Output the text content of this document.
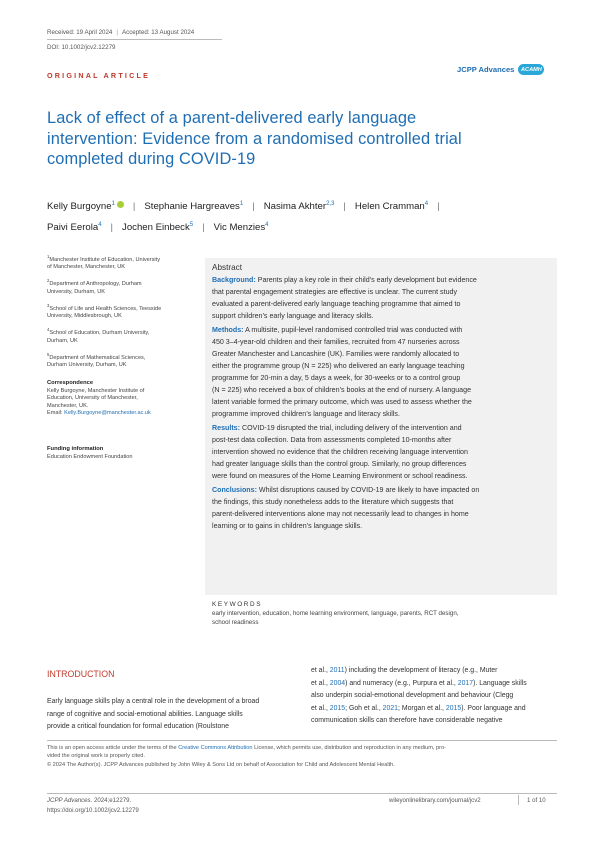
Received: 19 April 2024 | Accepted: 13 August 2024
DOI: 10.1002/jcv2.12279
ORIGINAL ARTICLE
JCPP Advances	ACAMH
Lack of effect of a parent-delivered early language
intervention: Evidence from a randomised controlled trial
completed during COVID-19
Kelly Burgoyne$^1$ | Stephanie Hargreaves$^1$ | Nasima Akhter$^{2,3}$ | Helen Cramman$^4$ |
Paivi Eerola$^4$ | Jochen Einbeck$^5$ | Vic Menzies$^4$
$^1$Manchester Institute of Education, University
of Manchester, Manchester, UK
$^2$Department of Anthropology, Durham
University, Durham, UK
$^3$School of Life and Health Sciences, Teesside
University, Middlesbrough, UK
$^4$School of Education, Durham University,
Durham, UK
$^5$Department of Mathematical Sciences,
Durham University, Durham, UK
Correspondence
Kelly Burgoyne, Manchester Institute of
Education, University of Manchester,
Manchester, UK.
Email: Kelly.Burgoyne@manchester.ac.uk
Funding information
Education Endowment Foundation
Abstract
Background: Parents play a key role in their child’s early development but evidence
that parental engagement strategies are effective is unclear. The current study
evaluated a parent-delivered early language teaching programme that aimed to
support children’s early language and literacy skills.
Methods: A multisite, pupil-level randomised controlled trial was conducted with
450 3–4-year-old children and their families, recruited from 47 nurseries across
Greater Manchester and Lancashire (UK). Families were randomly allocated to
either the programme group (N = 225) who delivered an early language teaching
programme for 20-min a day, 5 days a week, for 30-weeks or to a control group
(N = 225) who received a box of children’s books at the end of nursery. A language
latent variable formed the primary outcome, which was used to assess whether the
programme improved children’s language and literacy skills.
Results: COVID-19 disrupted the trial, including delivery of the intervention and
post-test data collection. Data from assessments completed 10-months after
intervention showed no evidence that the children receiving language intervention
had greater language skills than the control group. Similarly, no group differences
were found on measures of the Home Learning Environment or school readiness.
Conclusions: Whilst disruptions caused by COVID-19 are likely to have impacted on
the findings, this study nonetheless adds to the literature which suggests that
parent-delivered interventions alone may not necessarily lead to changes in home
learning or to gains in children’s language skills.
KEYWORDS
early intervention, education, home learning environment, language, parents, RCT design,
school readiness
INTRODUCTION
Early language skills play a central role in the development of a broad
range of cognitive and social-emotional abilities. Language skills
provide a critical foundation for formal education (Roulstone
et al., 2011) including the development of literacy (e.g., Muter
et al., 2004) and numeracy (e.g., Purpura et al., 2017). Language skills
also underpin social-emotional development and behaviour (Clegg
et al., 2015; Goh et al., 2021; Morgan et al., 2015). Poor language and
communication skills can therefore have considerable negative
This is an open access article under the terms of the Creative Commons Attribution License, which permits use, distribution and reproduction in any medium, pro-
vided the original work is properly cited.
© 2024 The Author(s). JCPP Advances published by John Wiley & Sons Ltd on behalf of Association for Child and Adolescent Mental Health.
JCPP Advances. 2024;e12279.
https://doi.org/10.1002/jcv2.12279
wileyonlinelibrary.com/journal/jcv2	1 of 10
